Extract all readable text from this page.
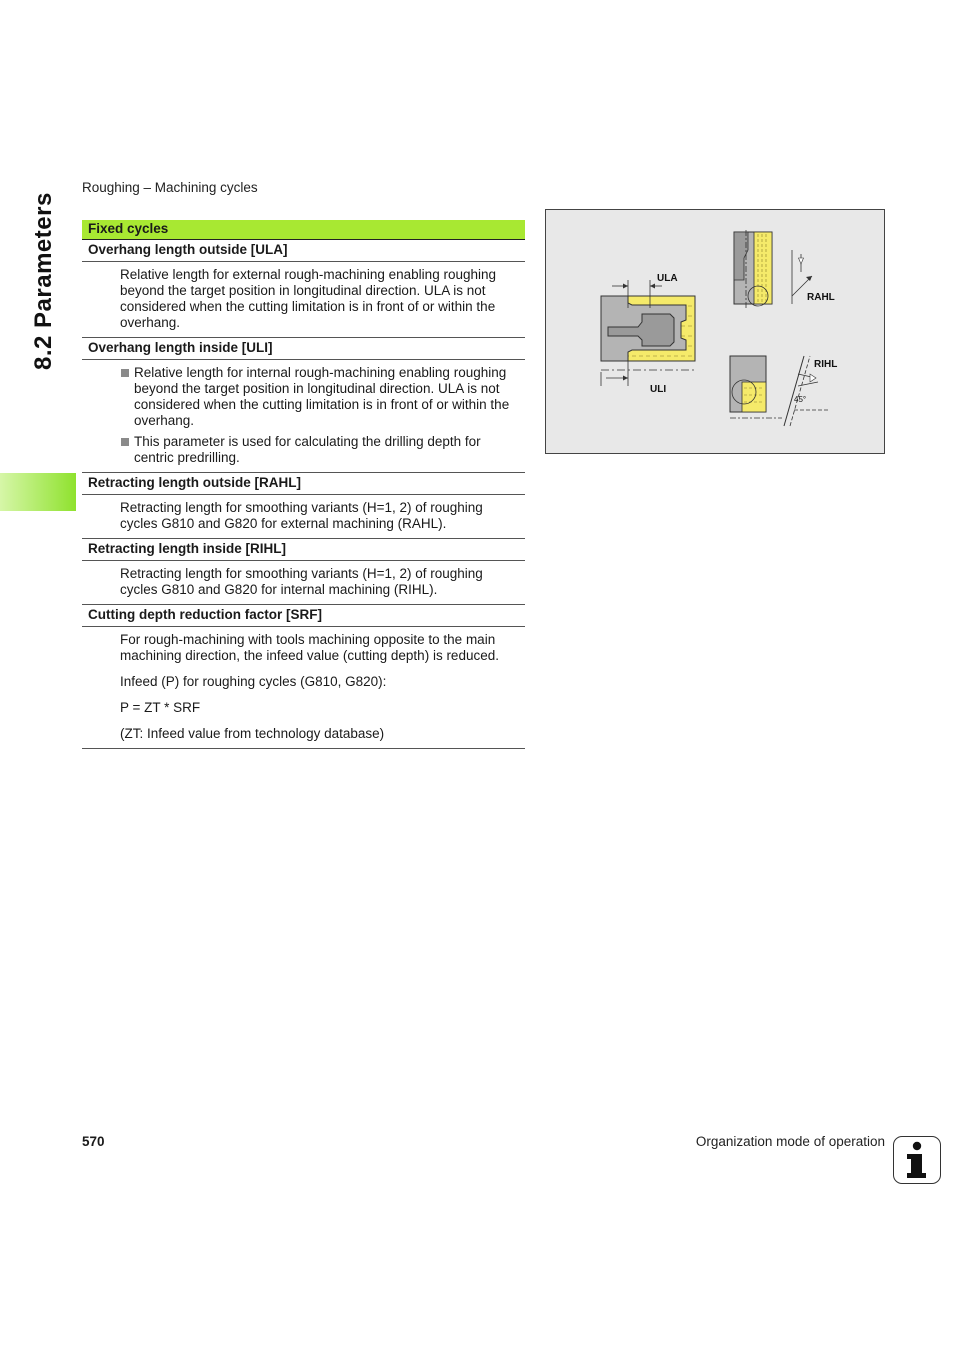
8.2 Parameters
Roughing – Machining cycles
Fixed cycles
Overhang length outside [ULA]

Relative length for external rough-machining enabling roughing beyond the target position in longitudinal direction. ULA is not considered when the cutting limitation is in front of or within the overhang.

Overhang length inside [ULI]
Relative length for internal rough-machining enabling roughing beyond the target position in longitudinal direction. ULA is not considered when the cutting limitation is in front of or within the overhang.
This parameter is used for calculating the drilling depth for centric predrilling.
Retracting length outside [RAHL]

Retracting length for smoothing variants (H=1, 2) of roughing cycles G810 and G820 for external machining (RAHL).

Retracting length inside [RIHL]

Retracting length for smoothing variants (H=1, 2) of roughing cycles G810 and G820 for internal machining (RIHL).

Cutting depth reduction factor [SRF]

For rough-machining with tools machining opposite to the main machining direction, the infeed value (cutting depth) is reduced.

Infeed (P) for roughing cycles (G810, G820):

P = ZT * SRF

(ZT: Infeed value from technology database)

ULA
ULI
RAHL
RIHL
45°
570	Organization mode of operation
